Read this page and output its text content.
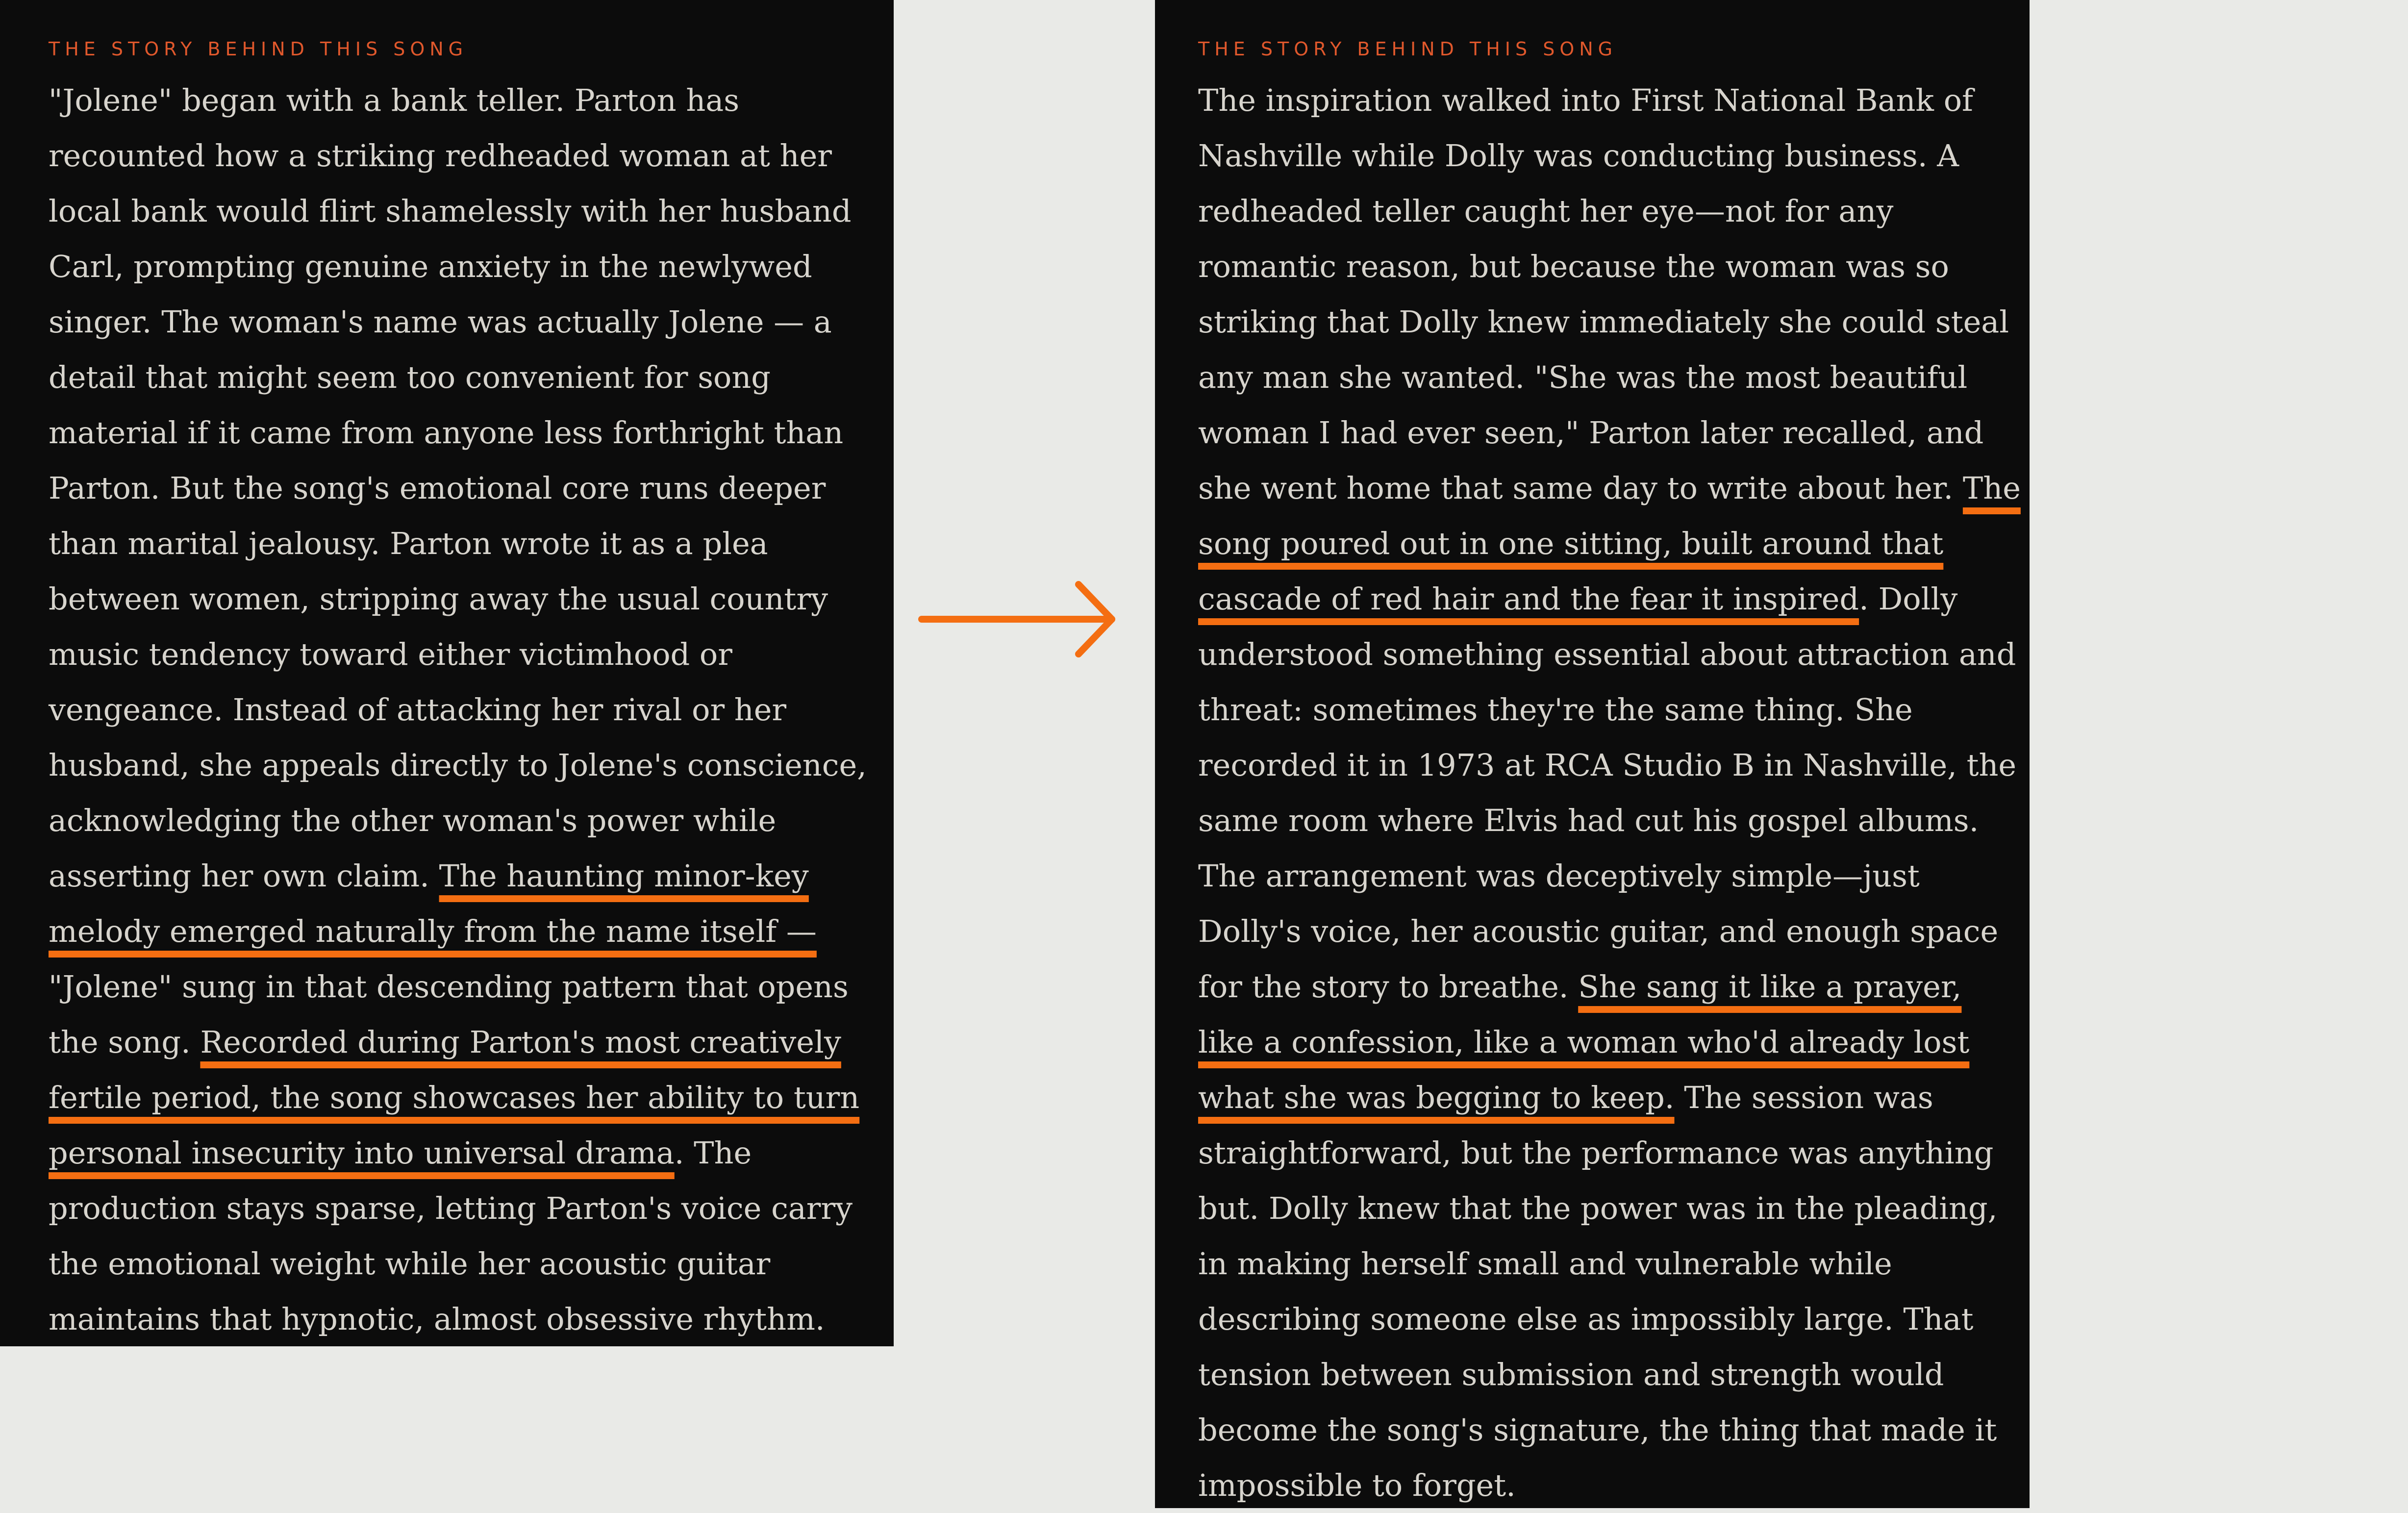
THE STORY BEHIND THIS SONG

"Jolene" began with a bank teller. Parton has recounted how a striking redheaded woman at her local bank would flirt shamelessly with her husband Carl, prompting genuine anxiety in the newlywed singer. The woman's name was actually Jolene — a detail that might seem too convenient for song material if it came from anyone less forthright than Parton. But the song's emotional core runs deeper than marital jealousy. Parton wrote it as a plea between women, stripping away the usual country music tendency toward either victimhood or vengeance. Instead of attacking her rival or her husband, she appeals directly to Jolene's conscience, acknowledging the other woman's power while asserting her own claim. The haunting minor-key melody emerged naturally from the name itself — "Jolene" sung in that descending pattern that opens the song. Recorded during Parton's most creatively fertile period, the song showcases her ability to turn personal insecurity into universal drama. The production stays sparse, letting Parton's voice carry the emotional weight while her acoustic guitar maintains that hypnotic, almost obsessive rhythm.

THE STORY BEHIND THIS SONG

The inspiration walked into First National Bank of Nashville while Dolly was conducting business. A redheaded teller caught her eye—not for any romantic reason, but because the woman was so striking that Dolly knew immediately she could steal any man she wanted. "She was the most beautiful woman I had ever seen," Parton later recalled, and she went home that same day to write about her. The song poured out in one sitting, built around that cascade of red hair and the fear it inspired. Dolly understood something essential about attraction and threat: sometimes they're the same thing. She recorded it in 1973 at RCA Studio B in Nashville, the same room where Elvis had cut his gospel albums. The arrangement was deceptively simple—just Dolly's voice, her acoustic guitar, and enough space for the story to breathe. She sang it like a prayer, like a confession, like a woman who'd already lost what she was begging to keep. The session was straightforward, but the performance was anything but. Dolly knew that the power was in the pleading, in making herself small and vulnerable while describing someone else as impossibly large. That tension between submission and strength would become the song's signature, the thing that made it impossible to forget.
